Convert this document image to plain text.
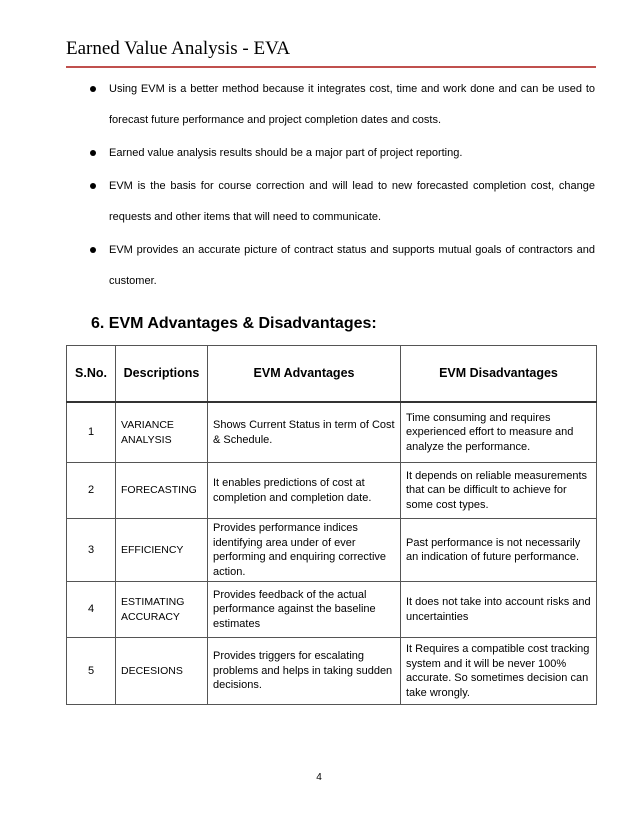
Earned Value Analysis - EVA
Using EVM is a better method because it integrates cost, time and work done and can be used to forecast future performance and project completion dates and costs.
Earned value analysis results should be a major part of project reporting.
EVM is the basis for course correction and will lead to new forecasted completion cost, change requests and other items that will need to communicate.
EVM provides an accurate picture of contract status and supports mutual goals of contractors and customer.
6. EVM Advantages & Disadvantages:
S.No.	Descriptions	EVM Advantages	EVM Disadvantages
1	VARIANCE ANALYSIS	Shows Current Status in term of Cost & Schedule.	Time consuming and requires experienced effort to measure and analyze the performance.
2	FORECASTING	It enables predictions of cost at completion and completion date.	It depends on reliable measurements that can be difficult to achieve for some cost types.
3	EFFICIENCY	Provides performance indices identifying area under of ever performing and enquiring corrective action.	Past performance is not necessarily an indication of future performance.
4	ESTIMATING ACCURACY	Provides feedback of the actual performance against the baseline estimates	It does not take into account risks and uncertainties
5	DECESIONS	Provides triggers for escalating problems and helps in taking sudden decisions.	It Requires a compatible cost tracking system and it will be never 100% accurate. So sometimes decision can take wrongly.
4
